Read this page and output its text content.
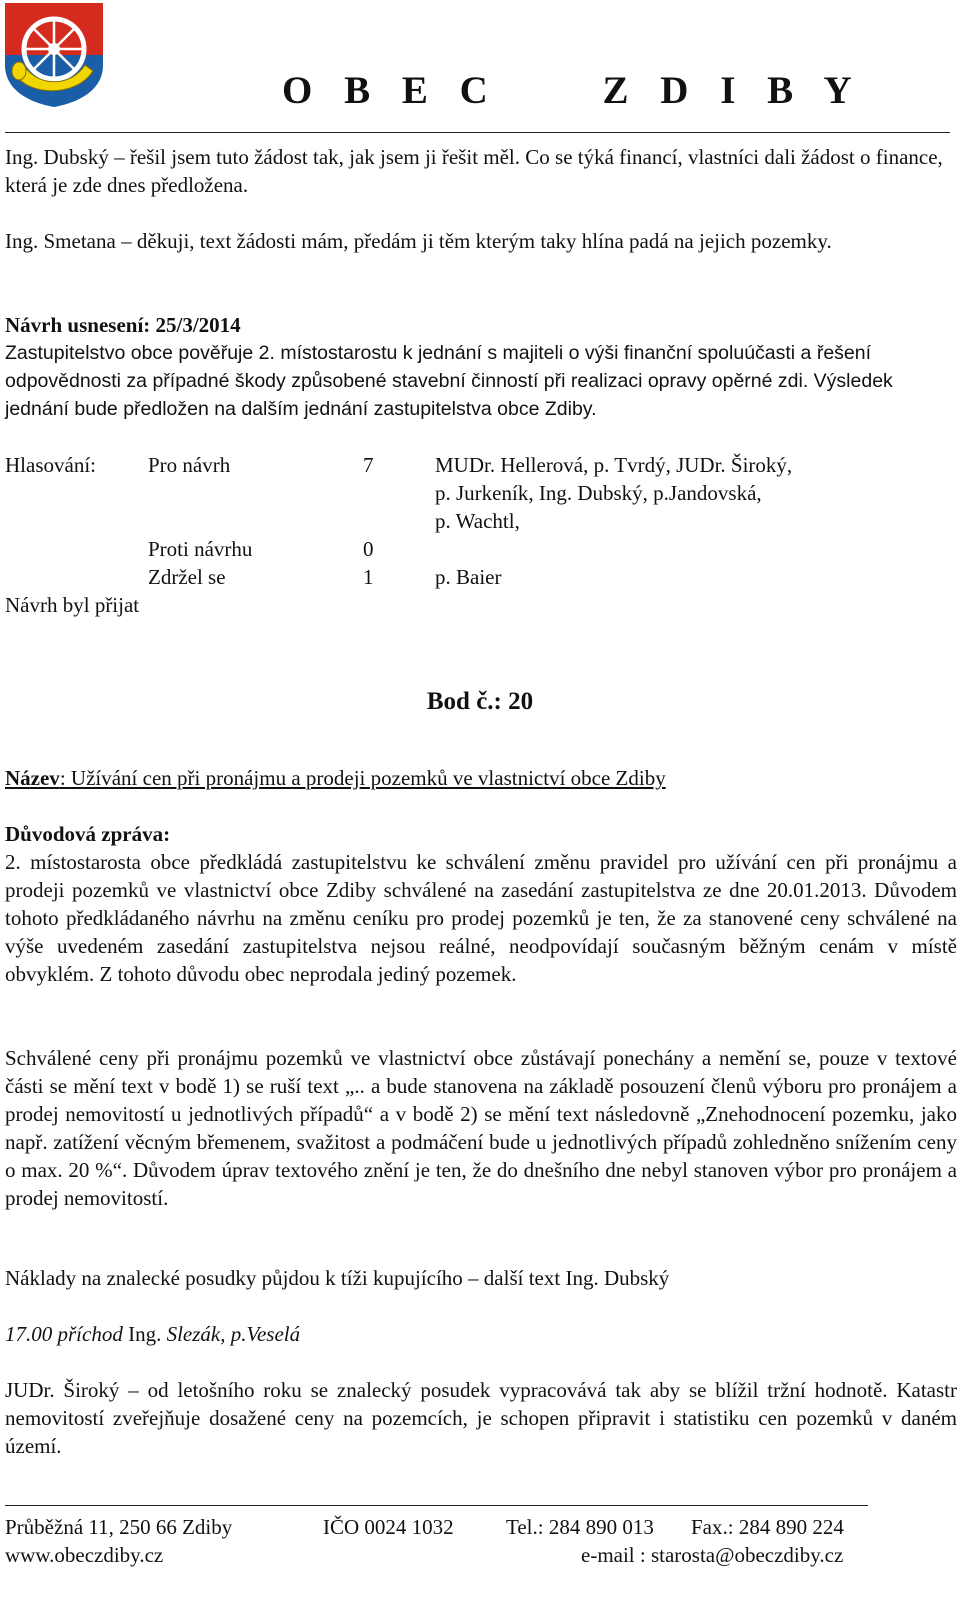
O B E C     Z D I B Y

Ing. Dubský – řešil jsem tuto žádost tak, jak jsem ji řešit měl. Co se týká financí, vlastníci dali žádost o finance, která je zde dnes předložena.

Ing. Smetana – děkuji, text žádosti mám, předám ji těm kterým taky hlína padá na jejich pozemky.

Návrh usnesení: 25/3/2014

Zastupitelstvo obce pověřuje 2. místostarostu k jednání s majiteli o výši finanční spoluúčasti a řešení odpovědnosti za případné škody způsobené stavební činností při realizaci opravy opěrné zdi. Výsledek jednání bude předložen na dalším jednání zastupitelstva obce Zdiby.

Hlasování: Pro návrh	7	MUDr. Hellerová, p. Tvrdý, JUDr. Široký,
p. Jurkeník, Ing. Dubský, p.Jandovská,
p. Wachtl,
Proti návrhu	0
Zdržel se	1	p. Baier
Návrh byl přijat
Bod č.: 20
Název: Užívání cen při pronájmu a prodeji pozemků ve vlastnictví obce Zdiby
Důvodová zpráva:

2. místostarosta obce předkládá zastupitelstvu ke schválení změnu pravidel pro užívání cen při pronájmu a prodeji pozemků ve vlastnictví obce Zdiby schválené na zasedání zastupitelstva ze dne 20.01.2013. Důvodem tohoto předkládaného návrhu na změnu ceníku pro prodej pozemků je ten, že za stanovené ceny schválené na výše uvedeném zasedání zastupitelstva nejsou reálné, neodpovídají současným běžným cenám v místě obvyklém. Z tohoto důvodu obec neprodala jediný pozemek.

Schválené ceny při pronájmu pozemků ve vlastnictví obce zůstávají ponechány a nemění se, pouze v textové části se mění text v bodě 1) se ruší text „.. a bude stanovena na základě posouzení členů výboru pro pronájem a prodej nemovitostí u jednotlivých případů“ a v bodě 2) se mění text následovně „Znehodnocení pozemku, jako např. zatížení věcným břemenem, svažitost a podmáčení bude u jednotlivých případů zohledněno snížením ceny o max. 20 %“. Důvodem úprav textového znění je ten, že do dnešního dne nebyl stanoven výbor pro pronájem a prodej nemovitostí.

Náklady na znalecké posudky půjdou k tíži kupujícího – další text Ing. Dubský

17.00 příchod Ing. Slezák, p.Veselá

JUDr. Široký – od letošního roku se znalecký posudek vypracovává tak aby se blížil tržní hodnotě. Katastr nemovitostí zveřejňuje dosažené ceny na pozemcích, je schopen připravit i statistiku cen pozemků v daném území.

Průběžná 11, 250 66 Zdiby	IČO 0024 1032 Tel.: 284 890 013 Fax.: 284 890 224
www.obeczdiby.cz	e-mail : starosta@obeczdiby.cz
